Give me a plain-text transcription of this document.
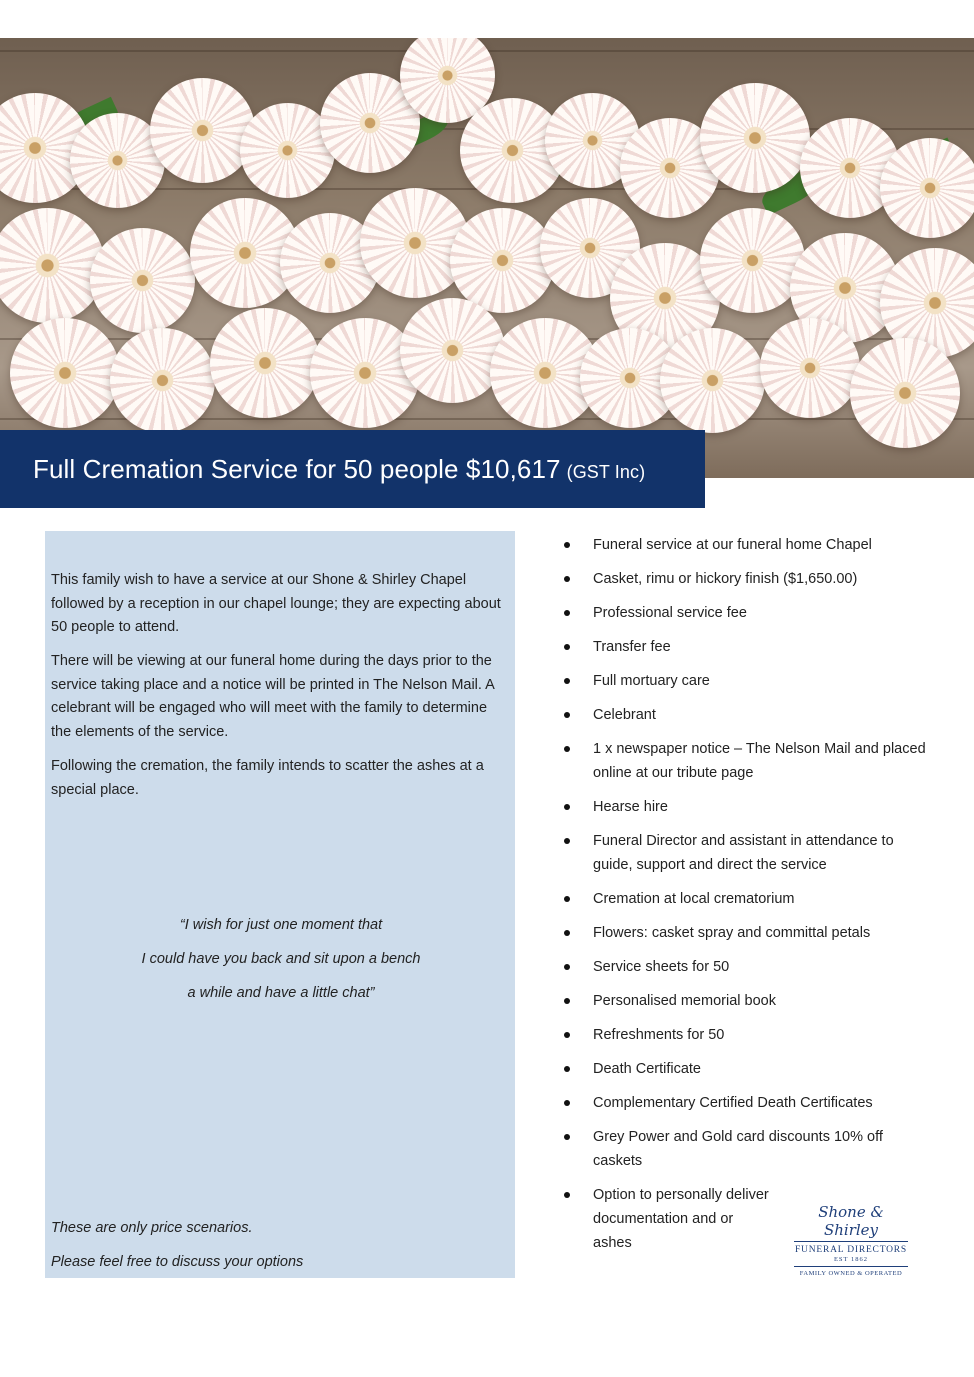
Full Cremation Service for 50 people $10,617 (GST Inc)

This family wish to have a service at our Shone & Shirley Chapel followed by a reception in our chapel lounge; they are expecting about 50 people to attend.

There will be viewing at our funeral home during the days prior to the service taking place and a notice will be printed in The Nelson Mail. A celebrant will be engaged who will meet with the family to determine the elements of the service.

Following the cremation, the family intends to scatter the ashes at a special place.

“I wish for just one moment that

I could have you back and sit upon a bench

a while and have a little chat”

These are only price scenarios.

Please feel free to discuss your options

Funeral service at our funeral home Chapel
Casket, rimu or hickory finish ($1,650.00)
Professional service fee
Transfer fee
Full mortuary care
Celebrant
1 x newspaper notice – The Nelson Mail and placed online at our tribute page
Hearse hire
Funeral Director and assistant in attendance to guide, support and direct the service
Cremation at local crematorium
Flowers: casket spray and committal petals
Service sheets for 50
Personalised memorial book
Refreshments for 50
Death Certificate
Complementary Certified Death Certificates
Grey Power and Gold card discounts 10% off caskets
Option to personally deliver documentation and or ashes
Shone & Shirley
FUNERAL DIRECTORS
EST 1862
FAMILY OWNED & OPERATED
